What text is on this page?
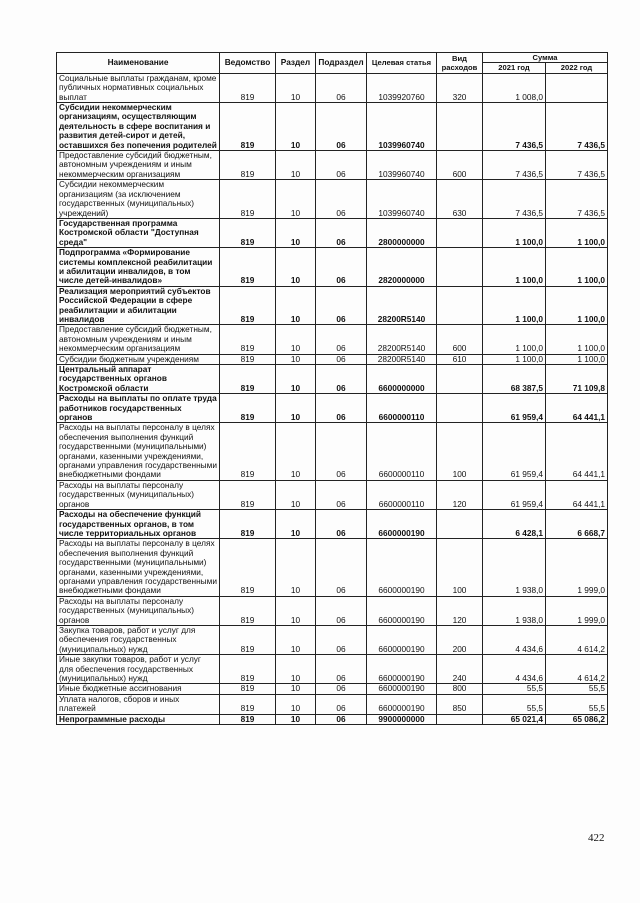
Наименование	Ведомство	Раздел	Подраздел	Целевая статья	Вид расходов	Сумма	
						2021 год	2022 год
Социальные выплаты гражданам, кроме публичных нормативных социальных выплат	819	10	06	1039920760	320	1 008,0	
Субсидии некоммерческим организациям, осуществляющим деятельность в сфере воспитания и развития детей-сирот и детей, оставшихся без попечения родителей	819	10	06	1039960740		7 436,5	7 436,5
Предоставление субсидий бюджетным, автономным учреждениям и иным некоммерческим организациям	819	10	06	1039960740	600	7 436,5	7 436,5
Субсидии некоммерческим организациям (за исключением государственных (муниципальных) учреждений)	819	10	06	1039960740	630	7 436,5	7 436,5
Государственная программа Костромской области "Доступная среда"	819	10	06	2800000000		1 100,0	1 100,0
Подпрограмма «Формирование системы комплексной реабилитации и абилитации инвалидов, в том числе детей-инвалидов»	819	10	06	2820000000		1 100,0	1 100,0
Реализация мероприятий субъектов Российской Федерации в сфере реабилитации и абилитации инвалидов	819	10	06	28200R5140		1 100,0	1 100,0
Предоставление субсидий бюджетным, автономным учреждениям и иным некоммерческим организациям	819	10	06	28200R5140	600	1 100,0	1 100,0
Субсидии бюджетным учреждениям	819	10	06	28200R5140	610	1 100,0	1 100,0
Центральный аппарат государственных органов Костромской области	819	10	06	6600000000		68 387,5	71 109,8
Расходы на выплаты по оплате труда работников государственных органов	819	10	06	6600000110		61 959,4	64 441,1
Расходы на выплаты персоналу в целях обеспечения выполнения функций государственными (муниципальными) органами, казенными учреждениями, органами управления государственными внебюджетными фондами	819	10	06	6600000110	100	61 959,4	64 441,1
Расходы на выплаты персоналу государственных (муниципальных) органов	819	10	06	6600000110	120	61 959,4	64 441,1
Расходы на обеспечение функций государственных органов, в том числе территориальных органов	819	10	06	6600000190		6 428,1	6 668,7
Расходы на выплаты персоналу в целях обеспечения выполнения функций государственными (муниципальными) органами, казенными учреждениями, органами управления государственными внебюджетными фондами	819	10	06	6600000190	100	1 938,0	1 999,0
Расходы на выплаты персоналу государственных (муниципальных) органов	819	10	06	6600000190	120	1 938,0	1 999,0
Закупка товаров, работ и услуг для обеспечения государственных (муниципальных) нужд	819	10	06	6600000190	200	4 434,6	4 614,2
Иные закупки товаров, работ и услуг для обеспечения государственных (муниципальных) нужд	819	10	06	6600000190	240	4 434,6	4 614,2
Иные бюджетные ассигнования	819	10	06	6600000190	800	55,5	55,5
Уплата налогов, сборов и иных платежей	819	10	06	6600000190	850	55,5	55,5
Непрограммные расходы	819	10	06	9900000000		65 021,4	65 086,2
422
